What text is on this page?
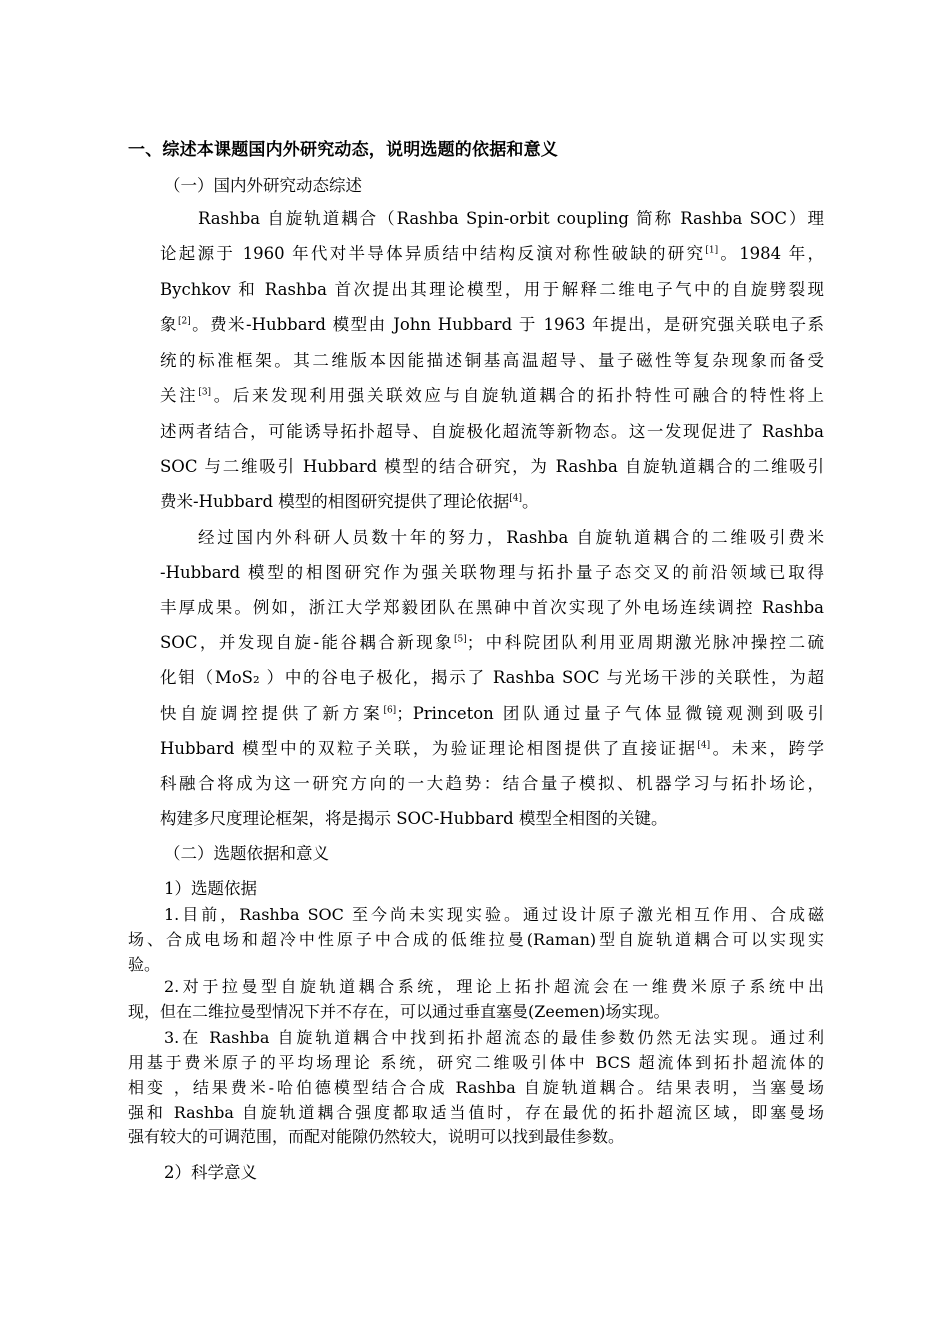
一、综述本课题国内外研究动态，说明选题的依据和意义
（一）国内外研究动态综述
Rashba 自旋轨道耦合（Rashba Spin-orbit coupling 简称 Rashba SOC）理
论起源于 1960 年代对半导体异质结中结构反演对称性破缺的研究[1]。1984 年，
Bychkov 和 Rashba 首次提出其理论模型，用于解释二维电子气中的自旋劈裂现
象[2]。费米-Hubbard 模型由 John Hubbard 于 1963 年提出，是研究强关联电子系
统的标准框架。其二维版本因能描述铜基高温超导、量子磁性等复杂现象而备受
关注[3]。后来发现利用强关联效应与自旋轨道耦合的拓扑特性可融合的特性将上
述两者结合，可能诱导拓扑超导、自旋极化超流等新物态。这一发现促进了 Rashba
SOC 与二维吸引 Hubbard 模型的结合研究，为 Rashba 自旋轨道耦合的二维吸引
费米-Hubbard 模型的相图研究提供了理论依据[4]。
经过国内外科研人员数十年的努力，Rashba 自旋轨道耦合的二维吸引费米
-Hubbard 模型的相图研究作为强关联物理与拓扑量子态交叉的前沿领域已取得
丰厚成果。例如，浙江大学郑毅团队在黑砷中首次实现了外电场连续调控 Rashba
SOC，并发现自旋-能谷耦合新现象[5]；中科院团队利用亚周期激光脉冲操控二硫
化钼（MoS₂ ）中的谷电子极化，揭示了 Rashba SOC 与光场干涉的关联性，为超
快自旋调控提供了新方案[6]；Princeton 团队通过量子气体显微镜观测到吸引
Hubbard 模型中的双粒子关联，为验证理论相图提供了直接证据[4]。未来，跨学
科融合将成为这一研究方向的一大趋势：结合量子模拟、机器学习与拓扑场论，
构建多尺度理论框架，将是揭示 SOC-Hubbard 模型全相图的关键。
（二）选题依据和意义
1）选题依据
1.目前，Rashba SOC 至今尚未实现实验。通过设计原子激光相互作用、合成磁
场、合成电场和超冷中性原子中合成的低维拉曼(Raman)型自旋轨道耦合可以实现实
验。
2.对于拉曼型自旋轨道耦合系统，理论上拓扑超流会在一维费米原子系统中出
现，但在二维拉曼型情况下并不存在，可以通过垂直塞曼(Zeemen)场实现。
3.在 Rashba 自旋轨道耦合中找到拓扑超流态的最佳参数仍然无法实现。通过利
用基于费米原子的平均场理论 系统，研究二维吸引体中 BCS 超流体到拓扑超流体的
相变 ，结果费米-哈伯德模型结合合成 Rashba 自旋轨道耦合。结果表明，当塞曼场
强和 Rashba 自旋轨道耦合强度都取适当值时，存在最优的拓扑超流区域，即塞曼场
强有较大的可调范围，而配对能隙仍然较大，说明可以找到最佳参数。
2）科学意义
